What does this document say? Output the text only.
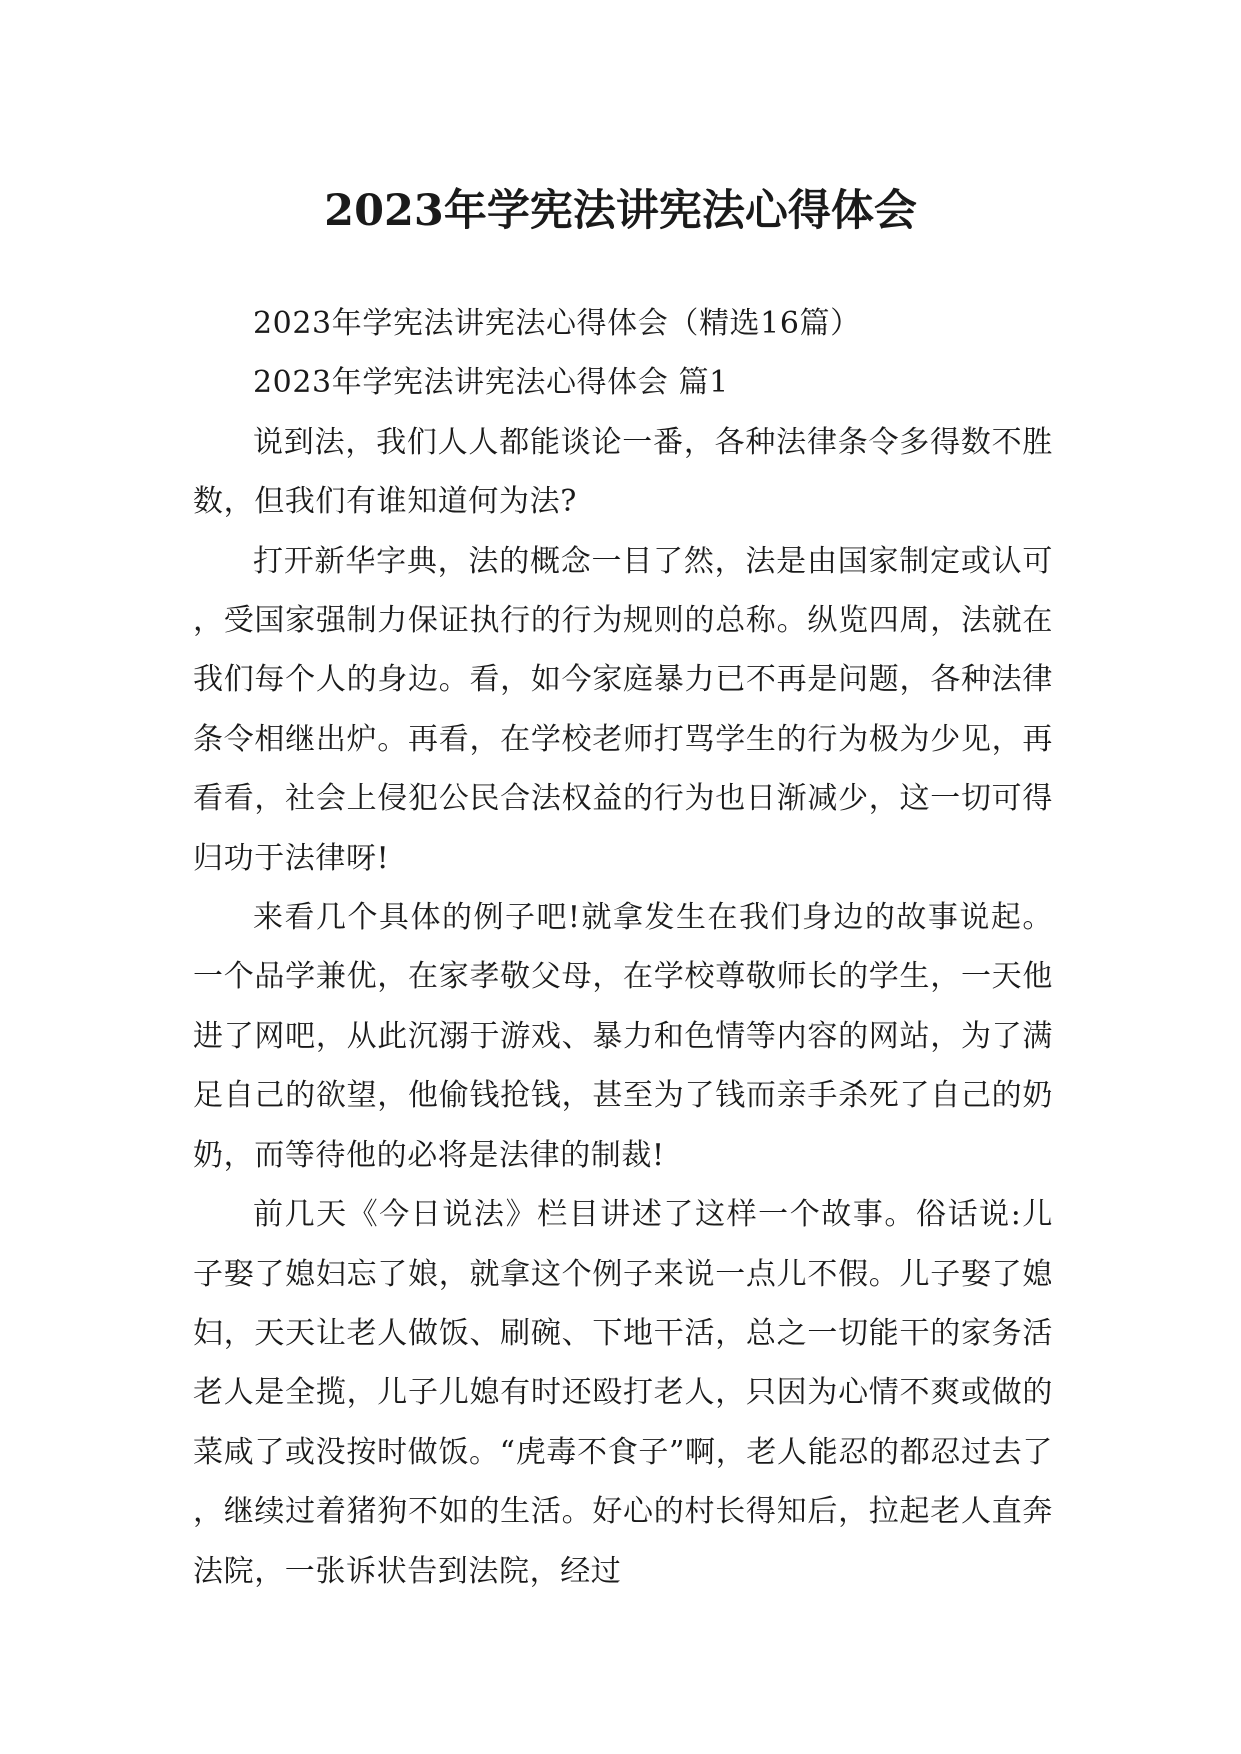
2023年学宪法讲宪法心得体会

2023年学宪法讲宪法心得体会（精选16篇）

2023年学宪法讲宪法心得体会 篇1

说到法，我们人人都能谈论一番，各种法律条令多得数不胜数，但我们有谁知道何为法?

打开新华字典，法的概念一目了然，法是由国家制定或认可，受国家强制力保证执行的行为规则的总称。纵览四周，法就在我们每个人的身边。看，如今家庭暴力已不再是问题，各种法律条令相继出炉。再看，在学校老师打骂学生的行为极为少见，再看看，社会上侵犯公民合法权益的行为也日渐减少，这一切可得归功于法律呀!

来看几个具体的例子吧!就拿发生在我们身边的故事说起。一个品学兼优，在家孝敬父母，在学校尊敬师长的学生，一天他进了网吧，从此沉溺于游戏、暴力和色情等内容的网站，为了满足自己的欲望，他偷钱抢钱，甚至为了钱而亲手杀死了自己的奶奶，而等待他的必将是法律的制裁!

前几天《今日说法》栏目讲述了这样一个故事。俗话说:儿子娶了媳妇忘了娘，就拿这个例子来说一点儿不假。儿子娶了媳妇，天天让老人做饭、刷碗、下地干活，总之一切能干的家务活老人是全揽，儿子儿媳有时还殴打老人，只因为心情不爽或做的菜咸了或没按时做饭。“虎毒不食子”啊，老人能忍的都忍过去了，继续过着猪狗不如的生活。好心的村长得知后，拉起老人直奔法院，一张诉状告到法院，经过
